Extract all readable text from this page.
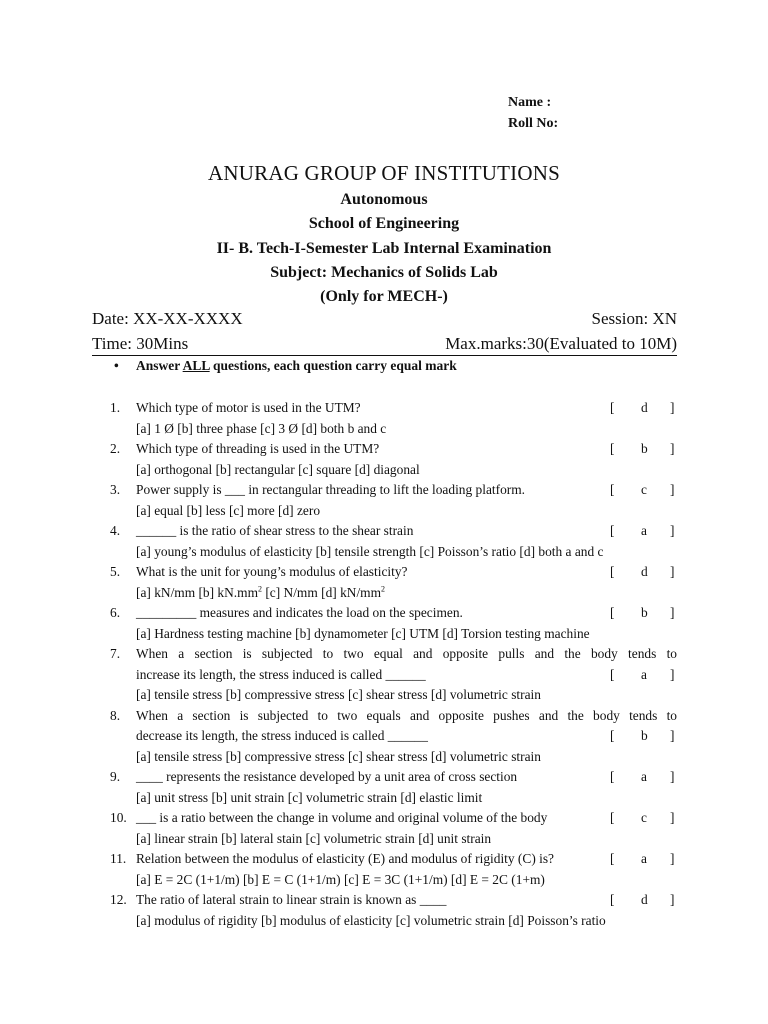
Name :
Roll No:
ANURAG GROUP OF INSTITUTIONS
Autonomous
School of Engineering
II- B. Tech-I-Semester Lab Internal Examination
Subject: Mechanics of Solids Lab
(Only for MECH-)
Date: XX-XX-XXXX	Session: XN
Time: 30Mins	Max.marks:30(Evaluated to 10M)
• Answer ALL questions, each question carry equal mark
1. Which type of motor is used in the UTM?	[ d ]
[a] 1 Ø [b] three phase [c] 3 Ø [d] both b and c
2. Which type of threading is used in the UTM?	[ b ]
[a] orthogonal [b] rectangular [c] square [d] diagonal
3. Power supply is ___ in rectangular threading to lift the loading platform.	[ c ]
[a] equal [b] less [c] more [d] zero
4. ______ is the ratio of shear stress to the shear strain	[ a ]
[a] young’s modulus of elasticity [b] tensile strength [c] Poisson’s ratio [d] both a and c
5. What is the unit for young’s modulus of elasticity?	[ d ]
[a] kN/mm [b] $kN.mm^2$ [c] N/mm [d] $kN/mm^2$
6. _________ measures and indicates the load on the specimen.	[ b ]
[a] Hardness testing machine [b] dynamometer [c] UTM [d] Torsion testing machine
7. When a section is subjected to two equal and opposite pulls and the body tends to
increase its length, the stress induced is called ______	[ a ]
[a] tensile stress [b] compressive stress [c] shear stress [d] volumetric strain
8. When a section is subjected to two equals and opposite pushes and the body tends to
decrease its length, the stress induced is called ______	[ b ]
[a] tensile stress [b] compressive stress [c] shear stress [d] volumetric strain
9. ____ represents the resistance developed by a unit area of cross section	[ a ]
[a] unit stress [b] unit strain [c] volumetric strain [d] elastic limit
10. ___ is a ratio between the change in volume and original volume of the body	[ c ]
[a] linear strain [b] lateral stain [c] volumetric strain [d] unit strain
11. Relation between the modulus of elasticity (E) and modulus of rigidity (C) is?	[ a ]
[a] E = 2C (1+1/m) [b] E = C (1+1/m) [c] E = 3C (1+1/m) [d] E = 2C (1+m)
12. The ratio of lateral strain to linear strain is known as ____	[ d ]
[a] modulus of rigidity [b] modulus of elasticity [c] volumetric strain [d] Poisson’s ratio
